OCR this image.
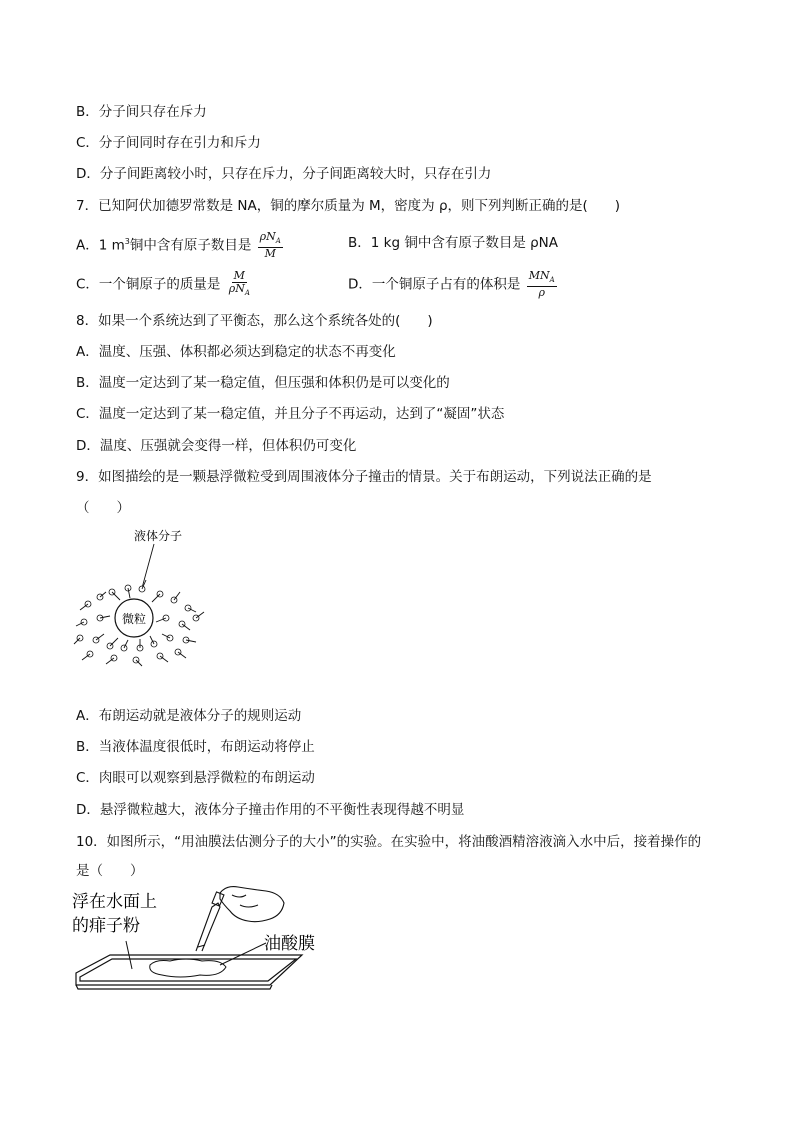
B．分子间只存在斥力
C．分子间同时存在引力和斥力
D．分子间距离较小时，只存在斥力，分子间距离较大时，只存在引力
7．已知阿伏加德罗常数是 NA，铜的摩尔质量为 M，密度为 ρ，则下列判断正确的是(　　)
A．1 $m^3$铜中含有原子数目是 $\frac{\rho N_A}{M}$	B．1 kg 铜中含有原子数目是 ρNA
C．一个铜原子的质量是 $\frac{M}{\rho N_A}$	D．一个铜原子占有的体积是 $\frac{MN_A}{\rho}$
8．如果一个系统达到了平衡态，那么这个系统各处的(　　)
A．温度、压强、体积都必须达到稳定的状态不再变化
B．温度一定达到了某一稳定值，但压强和体积仍是可以变化的
C．温度一定达到了某一稳定值，并且分子不再运动，达到了“凝固”状态
D．温度、压强就会变得一样，但体积仍可变化
9．如图描绘的是一颗悬浮微粒受到周围液体分子撞击的情景。关于布朗运动，下列说法正确的是
（　　）
液体分子
微粒
A．布朗运动就是液体分子的规则运动
B．当液体温度很低时，布朗运动将停止
C．肉眼可以观察到悬浮微粒的布朗运动
D．悬浮微粒越大，液体分子撞击作用的不平衡性表现得越不明显
10．如图所示，“用油膜法估测分子的大小”的实验。在实验中，将油酸酒精溶液滴入水中后，接着操作的
是（　　）
浮在水面上
的痱子粉
油酸膜
